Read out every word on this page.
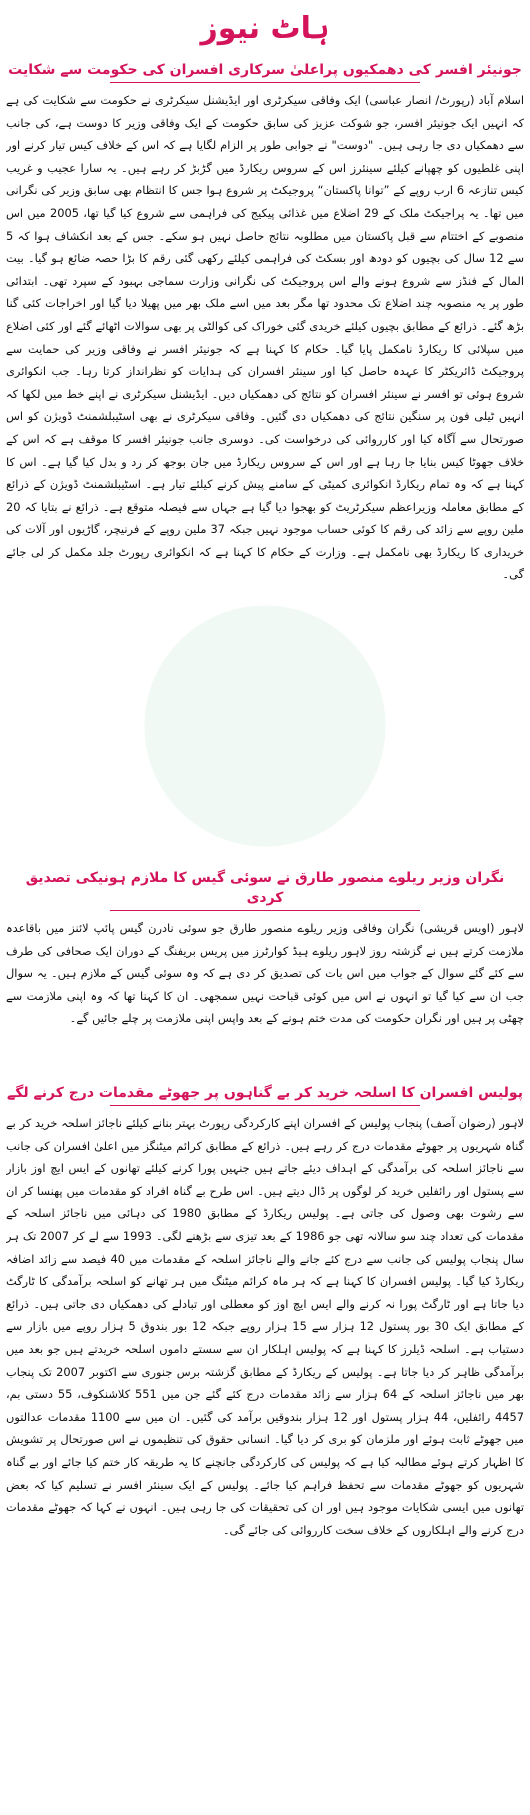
ہاٹ نیوز
جونیئر افسر کی دھمکیوں پراعلیٰ سرکاری افسران کی حکومت سے شکایت

اسلام آباد (رپورٹ/ انصار عباسی) ایک وفاقی سیکرٹری اور ایڈیشنل سیکرٹری نے حکومت سے شکایت کی ہے کہ انہیں ایک جونیئر افسر، جو شوکت عزیز کی سابق حکومت کے ایک وفاقی وزیر کا دوست ہے، کی جانب سے دھمکیاں دی جا رہی ہیں۔ "دوست" نے جوابی طور پر الزام لگایا ہے کہ اس کے خلاف کیس تیار کرنے اور اپنی غلطیوں کو چھپانے کیلئے سینئرز اس کے سروس ریکارڈ میں گڑبڑ کر رہے ہیں۔ یہ سارا عجیب و غریب کیس تنازعہ 6 ارب روپے کے ”توانا پاکستان“ پروجیکٹ پر شروع ہوا جس کا انتظام بھی سابق وزیر کی نگرانی میں تھا۔ یہ پراجیکٹ ملک کے 29 اضلاع میں غذائی پیکیج کی فراہمی سے شروع کیا گیا تھا، 2005 میں اس منصوبے کے اختتام سے قبل پاکستان میں مطلوبہ نتائج حاصل نہیں ہو سکے۔ جس کے بعد انکشاف ہوا کہ 5 سے 12 سال کی بچیوں کو دودھ اور بسکٹ کی فراہمی کیلئے رکھی گئی رقم کا بڑا حصہ ضائع ہو گیا۔ بیت المال کے فنڈز سے شروع ہونے والے اس پروجیکٹ کی نگرانی وزارت سماجی بہبود کے سپرد تھی۔ ابتدائی طور پر یہ منصوبہ چند اضلاع تک محدود تھا مگر بعد میں اسے ملک بھر میں پھیلا دیا گیا اور اخراجات کئی گنا بڑھ گئے۔ ذرائع کے مطابق بچیوں کیلئے خریدی گئی خوراک کی کوالٹی پر بھی سوالات اٹھائے گئے اور کئی اضلاع میں سپلائی کا ریکارڈ نامکمل پایا گیا۔ حکام کا کہنا ہے کہ جونیئر افسر نے وفاقی وزیر کی حمایت سے پروجیکٹ ڈائریکٹر کا عہدہ حاصل کیا اور سینئر افسران کی ہدایات کو نظرانداز کرتا رہا۔ جب انکوائری شروع ہوئی تو افسر نے سینئر افسران کو نتائج کی دھمکیاں دیں۔ ایڈیشنل سیکرٹری نے اپنے خط میں لکھا کہ انہیں ٹیلی فون پر سنگین نتائج کی دھمکیاں دی گئیں۔ وفاقی سیکرٹری نے بھی اسٹیبلشمنٹ ڈویژن کو اس صورتحال سے آگاہ کیا اور کارروائی کی درخواست کی۔ دوسری جانب جونیئر افسر کا موقف ہے کہ اس کے خلاف جھوٹا کیس بنایا جا رہا ہے اور اس کے سروس ریکارڈ میں جان بوجھ کر رد و بدل کیا گیا ہے۔ اس کا کہنا ہے کہ وہ تمام ریکارڈ انکوائری کمیٹی کے سامنے پیش کرنے کیلئے تیار ہے۔ اسٹیبلشمنٹ ڈویژن کے ذرائع کے مطابق معاملہ وزیراعظم سیکرٹریٹ کو بھجوا دیا گیا ہے جہاں سے فیصلہ متوقع ہے۔ ذرائع نے بتایا کہ 20 ملین روپے سے زائد کی رقم کا کوئی حساب موجود نہیں جبکہ 37 ملین روپے کے فرنیچر، گاڑیوں اور آلات کی خریداری کا ریکارڈ بھی نامکمل ہے۔ وزارت کے حکام کا کہنا ہے کہ انکوائری رپورٹ جلد مکمل کر لی جائے گی۔

نگران وزیر ریلوے منصور طارق نے سوئی گیس کا ملازم ہونیکی تصدیق کردی

لاہور (اویس قریشی) نگران وفاقی وزیر ریلوے منصور طارق جو سوئی نادرن گیس پائپ لائنز میں باقاعدہ ملازمت کرتے ہیں نے گزشتہ روز لاہور ریلوے ہیڈ کوارٹرز میں پریس بریفنگ کے دوران ایک صحافی کی طرف سے کئے گئے سوال کے جواب میں اس بات کی تصدیق کر دی ہے کہ وہ سوئی گیس کے ملازم ہیں۔ یہ سوال جب ان سے کیا گیا تو انہوں نے اس میں کوئی قباحت نہیں سمجھی۔ ان کا کہنا تھا کہ وہ اپنی ملازمت سے چھٹی پر ہیں اور نگران حکومت کی مدت ختم ہونے کے بعد واپس اپنی ملازمت پر چلے جائیں گے۔

پولیس افسران کا اسلحہ خرید کر بے گناہوں پر جھوٹے مقدمات درج کرنے لگے

لاہور (رضوان آصف) پنجاب پولیس کے افسران اپنے کارکردگی رپورٹ بہتر بنانے کیلئے ناجائز اسلحہ خرید کر بے گناہ شہریوں پر جھوٹے مقدمات درج کر رہے ہیں۔ ذرائع کے مطابق کرائم میٹنگز میں اعلیٰ افسران کی جانب سے ناجائز اسلحہ کی برآمدگی کے اہداف دیئے جاتے ہیں جنہیں پورا کرنے کیلئے تھانوں کے ایس ایچ اوز بازار سے پستول اور رائفلیں خرید کر لوگوں پر ڈال دیتے ہیں۔ اس طرح بے گناہ افراد کو مقدمات میں پھنسا کر ان سے رشوت بھی وصول کی جاتی ہے۔ پولیس ریکارڈ کے مطابق 1980 کی دہائی میں ناجائز اسلحہ کے مقدمات کی تعداد چند سو سالانہ تھی جو 1986 کے بعد تیزی سے بڑھنے لگی۔ 1993 سے لے کر 2007 تک ہر سال پنجاب پولیس کی جانب سے درج کئے جانے والے ناجائز اسلحہ کے مقدمات میں 40 فیصد سے زائد اضافہ ریکارڈ کیا گیا۔ پولیس افسران کا کہنا ہے کہ ہر ماہ کرائم میٹنگ میں ہر تھانے کو اسلحہ برآمدگی کا ٹارگٹ دیا جاتا ہے اور ٹارگٹ پورا نہ کرنے والے ایس ایچ اوز کو معطلی اور تبادلے کی دھمکیاں دی جاتی ہیں۔ ذرائع کے مطابق ایک 30 بور پستول 12 ہزار سے 15 ہزار روپے جبکہ 12 بور بندوق 5 ہزار روپے میں بازار سے دستیاب ہے۔ اسلحہ ڈیلرز کا کہنا ہے کہ پولیس اہلکار ان سے سستے داموں اسلحہ خریدتے ہیں جو بعد میں برآمدگی ظاہر کر دیا جاتا ہے۔ پولیس کے ریکارڈ کے مطابق گزشتہ برس جنوری سے اکتوبر 2007 تک پنجاب بھر میں ناجائز اسلحہ کے 64 ہزار سے زائد مقدمات درج کئے گئے جن میں 551 کلاشنکوف، 55 دستی بم، 4457 رائفلیں، 44 ہزار پستول اور 12 ہزار بندوقیں برآمد کی گئیں۔ ان میں سے 1100 مقدمات عدالتوں میں جھوٹے ثابت ہوئے اور ملزمان کو بری کر دیا گیا۔ انسانی حقوق کی تنظیموں نے اس صورتحال پر تشویش کا اظہار کرتے ہوئے مطالبہ کیا ہے کہ پولیس کی کارکردگی جانچنے کا یہ طریقہ کار ختم کیا جائے اور بے گناہ شہریوں کو جھوٹے مقدمات سے تحفظ فراہم کیا جائے۔ پولیس کے ایک سینئر افسر نے تسلیم کیا کہ بعض تھانوں میں ایسی شکایات موجود ہیں اور ان کی تحقیقات کی جا رہی ہیں۔ انہوں نے کہا کہ جھوٹے مقدمات درج کرنے والے اہلکاروں کے خلاف سخت کارروائی کی جائے گی۔
